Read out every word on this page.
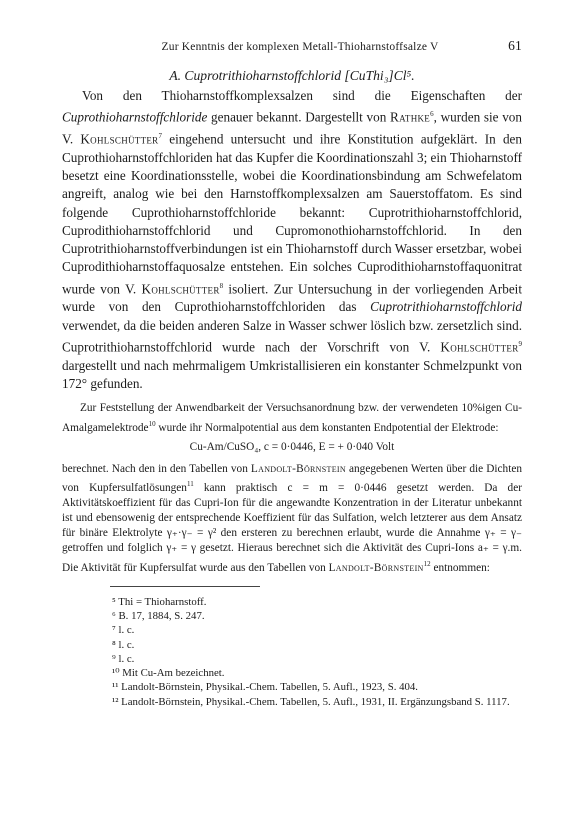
Zur Kenntnis der komplexen Metall-Thioharnstoffsalze V	61
A. Cuprotrithioharnstoffchlorid [CuThi₃]Cl⁵.

Von den Thioharnstoffkomplexsalzen sind die Eigenschaften der Cuprothioharnstoffchloride genauer bekannt. Dargestellt von Rathke$^6$, wurden sie von V. Kohlschütter$^7$ eingehend untersucht und ihre Konstitution aufgeklärt. In den Cuprothioharnstoffchloriden hat das Kupfer die Koordinationszahl 3; ein Thioharnstoff besetzt eine Koordinationsstelle, wobei die Koordinationsbindung am Schwefelatom angreift, analog wie bei den Harnstoffkomplexsalzen am Sauerstoffatom. Es sind folgende Cuprothioharnstoffchloride bekannt: Cuprotrithioharnstoffchlorid, Cuprodithioharnstoffchlorid und Cupromonothioharnstoffchlorid. In den Cuprotrithioharnstoffverbindungen ist ein Thioharnstoff durch Wasser ersetzbar, wobei Cuprodithioharnstoffaquosalze entstehen. Ein solches Cuprodithioharnstoffaquonitrat wurde von V. Kohlschütter$^8$ isoliert. Zur Untersuchung in der vorliegenden Arbeit wurde von den Cuprothioharnstoffchloriden das Cuprotrithioharnstoffchlorid verwendet, da die beiden anderen Salze in Wasser schwer löslich bzw. zersetzlich sind. Cuprotrithioharnstoffchlorid wurde nach der Vorschrift von V. Kohlschütter$^9$ dargestellt und nach mehrmaligem Umkristallisieren ein konstanter Schmelzpunkt von 172° gefunden.

Zur Feststellung der Anwendbarkeit der Versuchsanordnung bzw. der verwendeten 10%igen Cu-Amalgamelektrode$^{10}$ wurde ihr Normalpotential aus dem konstanten Endpotential der Elektrode:

Cu-Am/CuSO₄, c = 0·0446, E = + 0·040 Volt

berechnet. Nach den in den Tabellen von Landolt-Börnstein angegebenen Werten über die Dichten von Kupfersulfatlösungen$^{11}$ kann praktisch c = m = 0·0446 gesetzt werden. Da der Aktivitätskoeffizient für das Cupri-Ion für die angewandte Konzentration in der Literatur unbekannt ist und ebensowenig der entsprechende Koeffizient für das Sulfation, welch letzterer aus dem Ansatz für binäre Elektrolyte γ₊·γ₋ = γ² den ersteren zu berechnen erlaubt, wurde die Annahme γ₊ = γ₋ getroffen und folglich γ₊ = γ gesetzt. Hieraus berechnet sich die Aktivität des Cupri-Ions a₊ = γ.m. Die Aktivität für Kupfersulfat wurde aus den Tabellen von Landolt-Börnstein$^{12}$ entnommen:

⁵ Thi = Thioharnstoff.

⁶ B. 17, 1884, S. 247.

⁷ l. c.

⁸ l. c.

⁹ l. c.

¹⁰ Mit Cu-Am bezeichnet.

¹¹ Landolt-Börnstein, Physikal.-Chem. Tabellen, 5. Aufl., 1923, S. 404.

¹² Landolt-Börnstein, Physikal.-Chem. Tabellen, 5. Aufl., 1931, II. Ergänzungsband S. 1117.
